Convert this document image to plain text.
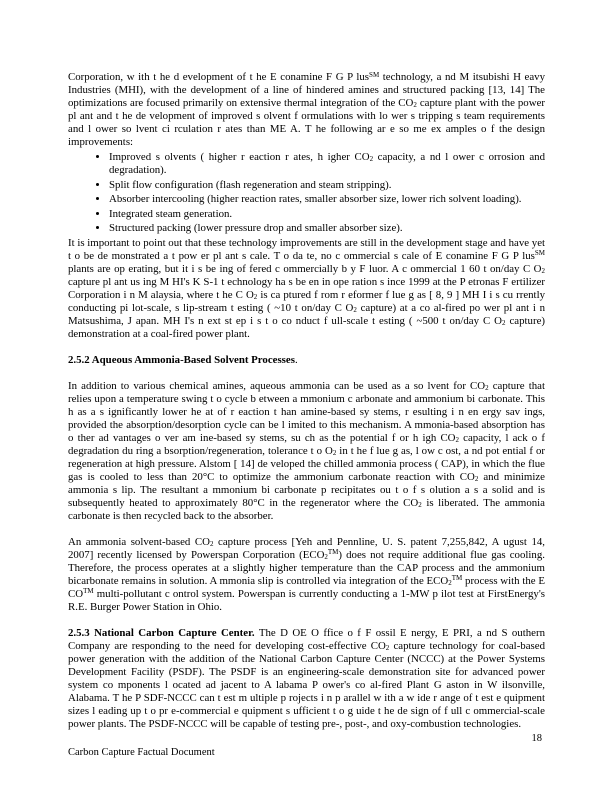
Corporation, w ith t he d evelopment of t he E conamine F G P lus℠ technology, a nd M itsubishi H eavy Industries (MHI), with the development of a line of hindered amines and structured packing [13, 14] The optimizations are focused primarily on extensive thermal integration of the $CO_2$ capture plant with the power pl ant and t he de velopment of improved s olvent f ormulations with lo wer s tripping s team requirements and l ower so lvent ci rculation r ates than ME A. T he following ar e so me ex amples o f the design improvements:

• Improved s olvents ( higher r eaction r ates, h igher $CO_2$ capacity, a nd l ower c orrosion and degradation).
• Split flow configuration (flash regeneration and steam stripping).
• Absorber intercooling (higher reaction rates, smaller absorber size, lower rich solvent loading).
• Integrated steam generation.
• Structured packing (lower pressure drop and smaller absorber size).

It is important to point out that these technology improvements are still in the development stage and have yet t o be de monstrated a t pow er pl ant s cale. T o da te, no c ommercial s cale of E conamine F G P lus℠ plants are op erating, but it i s be ing of fered c ommercially b y F luor. A c ommercial 1 60 t on/day C $O_2$ capture pl ant us ing M HI's K S-1 t echnology ha s be en in ope ration s ince 1999 at the P etronas F ertilizer Corporation i n M alaysia, where t he C $O_2$ is ca ptured f rom r eformer f lue g as [ 8, 9 ] MH I i s cu rrently conducting pi lot-scale, s lip-stream t esting ( ~10 t on/day C $O_2$ capture) at a co al-fired po wer pl ant i n Matsushima, J apan. MH I's n ext st ep i s t o co nduct f ull-scale t esting ( ~500 t on/day C $O_2$ capture) demonstration at a coal-fired power plant.

2.5.2 Aqueous Ammonia-Based Solvent Processes.

In addition to various chemical amines, aqueous ammonia can be used as a so lvent for $CO_2$ capture that relies upon a temperature swing t o cycle b etween a mmonium c arbonate and ammonium bi carbonate. This h as a s ignificantly lower he at of r eaction t han amine-based sy stems, r esulting i n en ergy sav ings, provided the absorption/desorption cycle can be l imited to this mechanism. A mmonia-based absorption has o ther ad vantages o ver am ine-based sy stems, su ch as the potential f or h igh $CO_2$ capacity, l ack o f degradation du ring a bsorption/regeneration, tolerance t o $O_2$ in t he f lue g as, l ow c ost, a nd pot ential f or regeneration at high pressure. Alstom [ 14] de veloped the chilled ammonia process ( CAP), in which the flue gas is cooled to less than 20°C to optimize the ammonium carbonate reaction with $CO_2$ and minimize ammonia s lip. The resultant a mmonium bi carbonate p recipitates ou t o f s olution a s a solid and is subsequently heated to approximately 80°C in the regenerator where the $CO_2$ is liberated. The ammonia carbonate is then recycled back to the absorber.

An ammonia solvent-based $CO_2$ capture process [Yeh and Pennline, U. S. patent 7,255,842, A ugust 14, 2007] recently licensed by Powerspan Corporation $(ECO_2™)$ does not require additional flue gas cooling. Therefore, the process operates at a slightly higher temperature than the CAP process and the ammonium bicarbonate remains in solution. A mmonia slip is controlled via integration of the $ECO_2™$ process with the E CO™ multi-pollutant c ontrol system. Powerspan is currently conducting a 1-MW p ilot test at FirstEnergy's R.E. Burger Power Station in Ohio.

2.5.3 National Carbon Capture Center. The D OE O ffice o f F ossil E nergy, E PRI, a nd S outhern Company are responding to the need for developing cost-effective $CO_2$ capture technology for coal-based power generation with the addition of the National Carbon Capture Center (NCCC) at the Power Systems Development Facility (PSDF). The PSDF is an engineering-scale demonstration site for advanced power system co mponents l ocated ad jacent to A labama P ower's co al-fired Plant G aston in W ilsonville, Alabama. T he P SDF-NCCC can t est m ultiple p rojects i n p arallel w ith a w ide r ange of t est e quipment sizes l eading up t o pr e-commercial e quipment s ufficient t o g uide t he de sign of f ull c ommercial-scale power plants. The PSDF-NCCC will be capable of testing pre-, post-, and oxy-combustion technologies.

18
Carbon Capture Factual Document
